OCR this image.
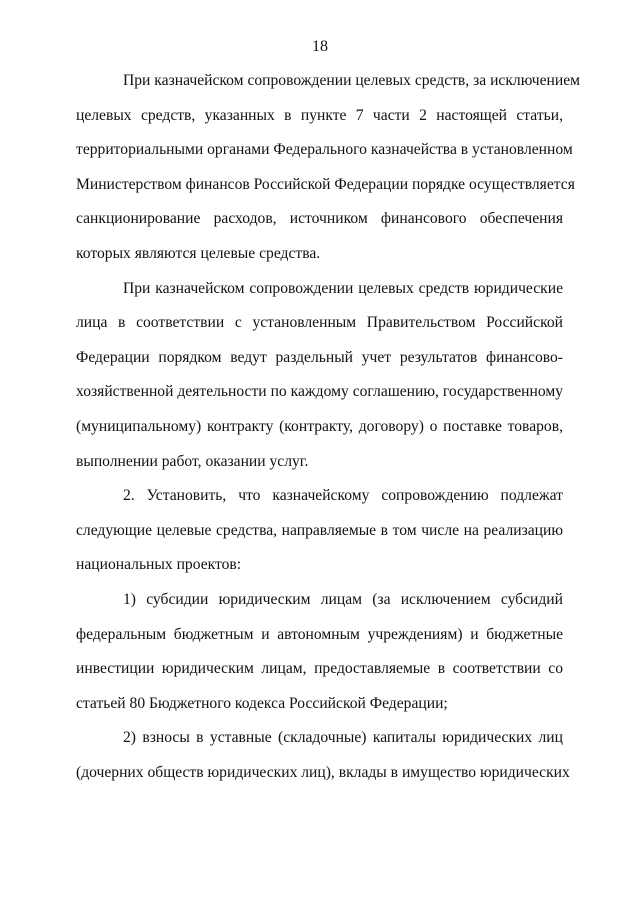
18
При казначейском сопровождении целевых средств, за исключением
целевых средств, указанных в пункте 7 части 2 настоящей статьи,
территориальными органами Федерального казначейства в установленном
Министерством финансов Российской Федерации порядке осуществляется
санкционирование расходов, источником финансового обеспечения
которых являются целевые средства.
При казначейском сопровождении целевых средств юридические
лица в соответствии с установленным Правительством Российской
Федерации порядком ведут раздельный учет результатов финансово-
хозяйственной деятельности по каждому соглашению, государственному
(муниципальному) контракту (контракту, договору) о поставке товаров,
выполнении работ, оказании услуг.
2. Установить, что казначейскому сопровождению подлежат
следующие целевые средства, направляемые в том числе на реализацию
национальных проектов:
1) субсидии юридическим лицам (за исключением субсидий
федеральным бюджетным и автономным учреждениям) и бюджетные
инвестиции юридическим лицам, предоставляемые в соответствии со
статьей 80 Бюджетного кодекса Российской Федерации;
2) взносы в уставные (складочные) капиталы юридических лиц
(дочерних обществ юридических лиц), вклады в имущество юридических
